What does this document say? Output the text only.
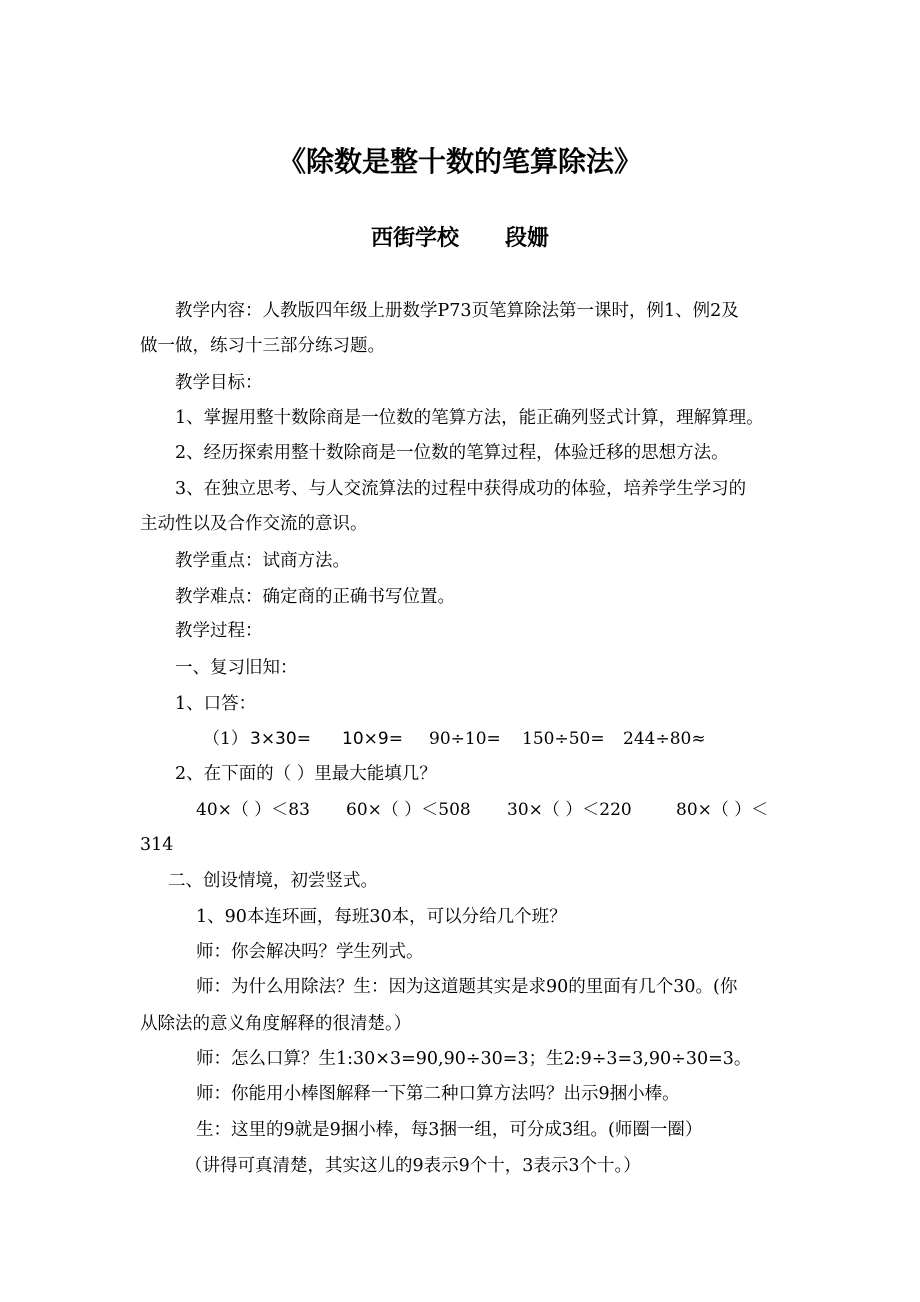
《除数是整十数的笔算除法》
西街学校      段姗
教学内容：人教版四年级上册数学P73页笔算除法第一课时，例1、例2及
做一做，练习十三部分练习题。
教学目标：
1、掌握用整十数除商是一位数的笔算方法，能正确列竖式计算，理解算理。
2、经历探索用整十数除商是一位数的笔算过程，体验迁移的思想方法。
3、在独立思考、与人交流算法的过程中获得成功的体验，培养学生学习的
主动性以及合作交流的意识。
教学重点：试商方法。
教学难点：确定商的正确书写位置。
教学过程：
一、复习旧知：
1、口答：
（1） 3×30= 10×9= 90÷10= 150÷50= 244÷80≈
2、在下面的（ ）里最大能填几？
40×（ ）＜83 60×（ ）＜508 30×（ ）＜220	80×（ ）＜
314
二、创设情境，初尝竖式。
1、90本连环画，每班30本，可以分给几个班？
师：你会解决吗？学生列式。
师：为什么用除法？生：因为这道题其实是求90的里面有几个30。(你
从除法的意义角度解释的很清楚。）
师：怎么口算？生1:30×3=90,90÷30=3；生2:9÷3=3,90÷30=3。
师：你能用小棒图解释一下第二种口算方法吗？出示9捆小棒。
生：这里的9就是9捆小棒，每3捆一组，可分成3组。(师圈一圈）
（讲得可真清楚，其实这儿的9表示9个十，3表示3个十。）
